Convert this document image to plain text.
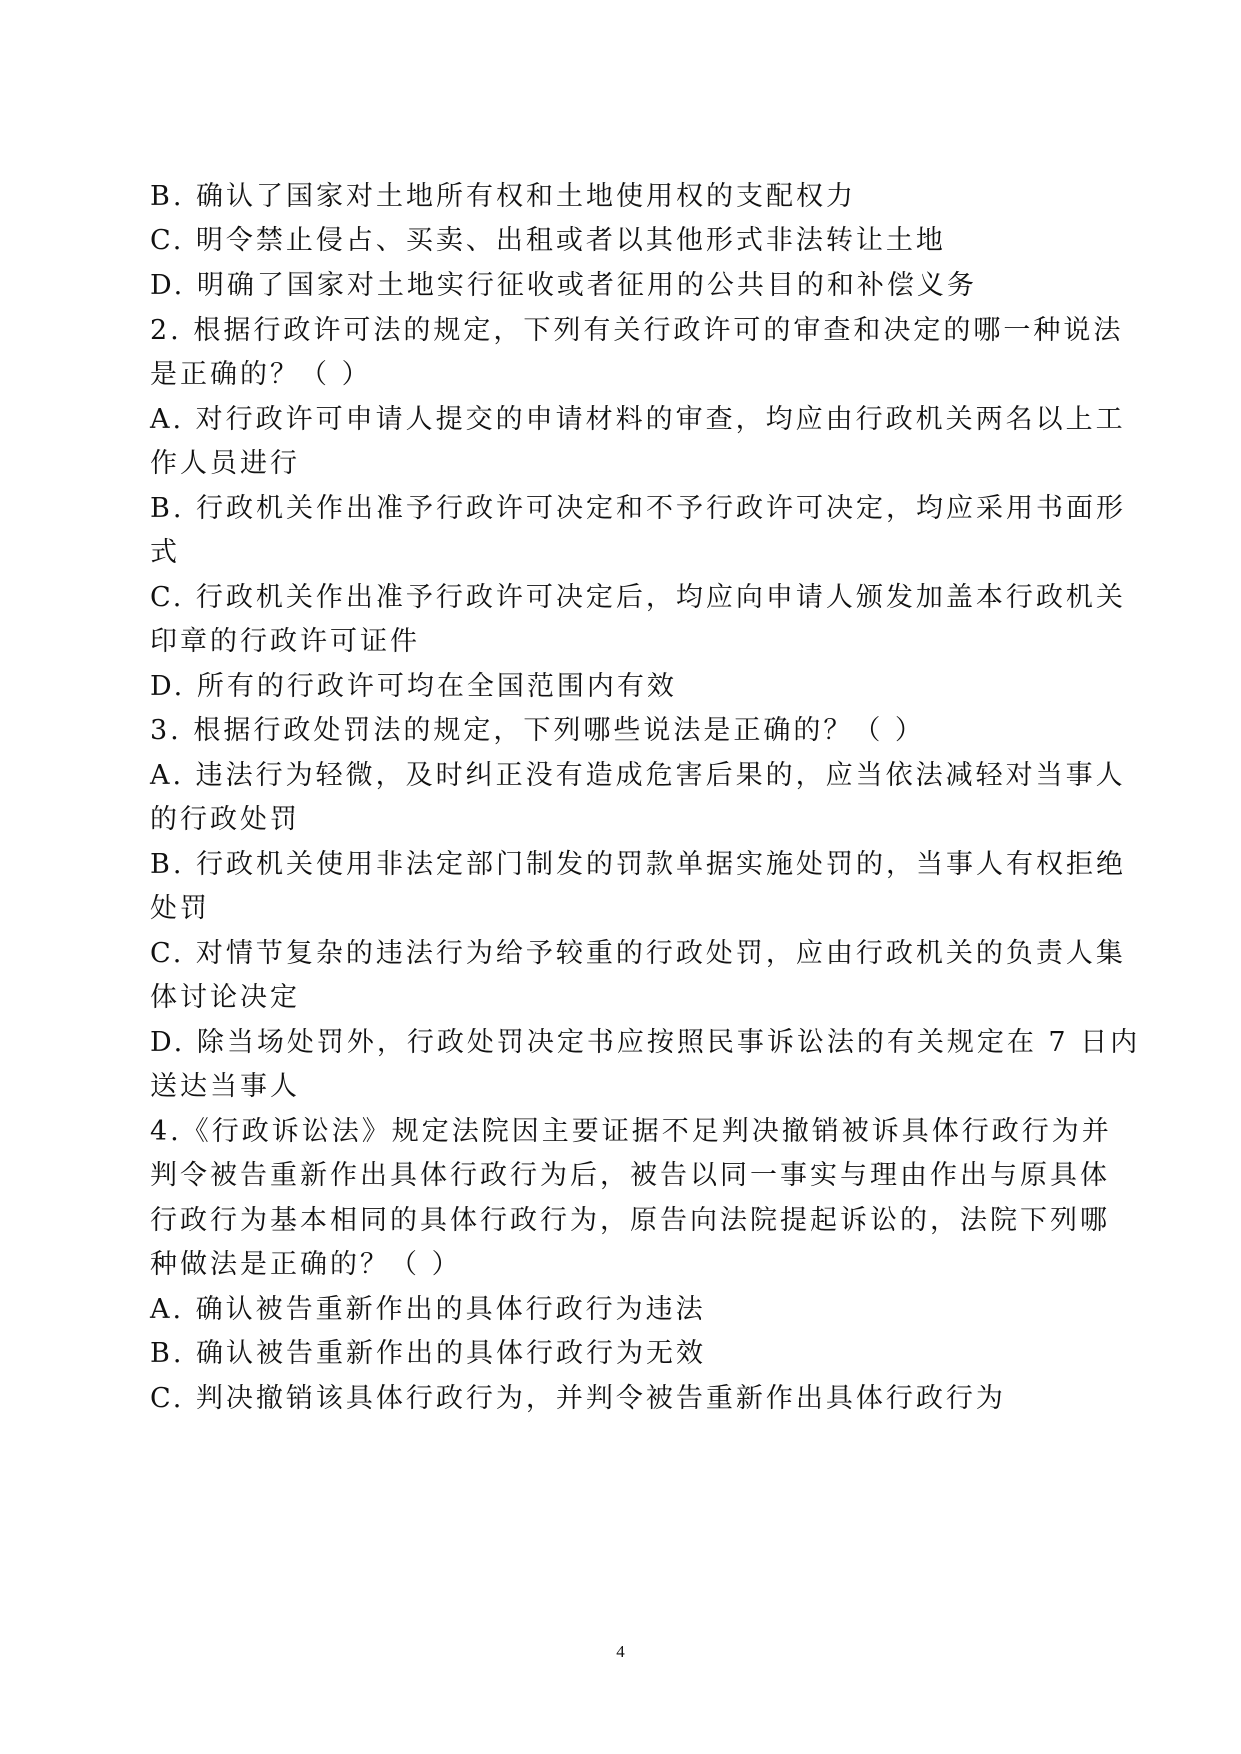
B. 确认了国家对土地所有权和土地使用权的支配权力
C. 明令禁止侵占、买卖、出租或者以其他形式非法转让土地
D. 明确了国家对土地实行征收或者征用的公共目的和补偿义务
2. 根据行政许可法的规定，下列有关行政许可的审查和决定的哪一种说法
是正确的？（ ）
A. 对行政许可申请人提交的申请材料的审查，均应由行政机关两名以上工
作人员进行
B. 行政机关作出准予行政许可决定和不予行政许可决定，均应采用书面形
式
C. 行政机关作出准予行政许可决定后，均应向申请人颁发加盖本行政机关
印章的行政许可证件
D. 所有的行政许可均在全国范围内有效
3. 根据行政处罚法的规定，下列哪些说法是正确的？（ ）
A. 违法行为轻微，及时纠正没有造成危害后果的，应当依法减轻对当事人
的行政处罚
B. 行政机关使用非法定部门制发的罚款单据实施处罚的，当事人有权拒绝
处罚
C. 对情节复杂的违法行为给予较重的行政处罚，应由行政机关的负责人集
体讨论决定
D. 除当场处罚外，行政处罚决定书应按照民事诉讼法的有关规定在 7 日内
送达当事人
4.《行政诉讼法》规定法院因主要证据不足判决撤销被诉具体行政行为并
判令被告重新作出具体行政行为后，被告以同一事实与理由作出与原具体
行政行为基本相同的具体行政行为，原告向法院提起诉讼的，法院下列哪
种做法是正确的？（ ）
A. 确认被告重新作出的具体行政行为违法
B. 确认被告重新作出的具体行政行为无效
C. 判决撤销该具体行政行为，并判令被告重新作出具体行政行为
4
